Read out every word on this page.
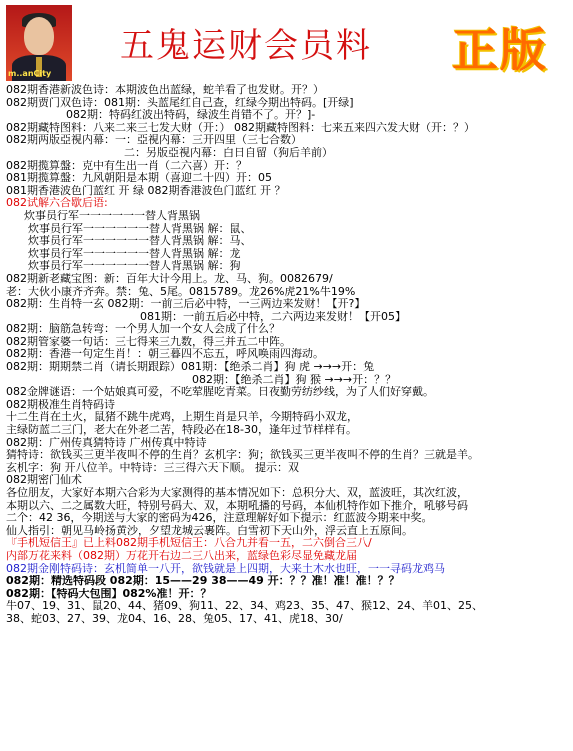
m..anCity
五鬼运财会员料 正版
082期香港新波色诗：本期波色出蓝绿，蛇羊看了也发财。开？）
082期贾门双色诗：081期：头蓝尾红自己查，红绿今期出特码。[开绿]
082期：特码红波出特码，绿波生肖错不了。开？]-
082期藏特图料：八来二来三七发大财（开：） 082期藏特图料：七来五来四六发大财（开：？）
082期两版亞視内幕：一：亞視内幕：三开四里（三七合数）
二：另版亞視内幕：白日自留（狗后羊前）
082期揽算盤：克中有生出一肖（二六喜）开：？
081期揽算盤：九风朝阳是本期（喜迎二十四）开：05
081期香港波色门蓝红 开 绿 082期香港波色门蓝红 开 ？
082试解六合歇后语:
炊事员行军一一一一一一替人背黑锅
炊事员行军一一一一一一替人背黑锅 解：鼠、
炊事员行军一一一一一一替人背黑锅 解：马、
炊事员行军一一一一一一替人背黑锅 解：龙
炊事员行军一一一一一一替人背黑锅 解：狗
082期新老藏宝图：新：百年大计今用上。龙、马、狗。0082679/
老：大伙小康齐齐奔。禁：兔、5尾。0815789。龙26%虎21%牛19%
082期：生肖特一玄 082期：一前三后必中特，一三两边来发财！【开?】
081期：一前五后必中特，二六两边来发财！【开05】
082期：脑筋急转弯：一个男人加一个女人会成了什么？
082期管家婆一句话：三七得来三九数，得三并五二中阵。
082期：香港一句定生肖！：朝三暮四不忘五，呼风唤雨四海动。
082期：期期禁二肖（请长期跟踪）081期：【绝杀二肖】狗 虎 →→→开：兔
082期：【绝杀二肖】狗 猴 →→→开：？？
082金牌谜语：一个姑娘真可爱，不吃荤腥吃青菜。日夜勤劳纺纱线，为了人们好穿戴。
082期极准生肖特码诗
十二生肖在土火，鼠猪不跳牛虎鸡，上期生肖是只羊，今期特码小双龙，
主绿防蓝二三门，老大在外老二苦，特段必在18-30，逢年过节样样有。
082期：广州传真猜特诗 广州传真中特诗
猜特诗：欲钱买三更半夜叫不停的生肖？玄机字：狗；欲钱买三更半夜叫不停的生肖？三就是羊。
玄机字：狗 开八位羊。中特诗：三三得六天下顺。 提示：双
082期密门仙术
各位朋友，大家好本期六合彩为大家测得的基本情况如下：总积分大、双，蓝波旺，其次红波，
本期以六、二之属数大旺，特别号码大、双，本期吼播的号码，本仙机特作如下推介，吼够号码
二个：42 36，今期送与大家的密码为426，注意理解好如下提示：红蓝波今期来中奖。
仙人指引：朝见马岭扬黄沙，夕望龙城云裹阵。白雪初下天山外，浮云直上五原间。
『手机短信王』已上料082期手机短信王：八合九并看一五，二六倒合三八/
内部万花来料（082期）万花开右边二三八出来，蓝绿色彩尽显免藏龙届
082期金刚特码诗：玄机简单一八开，欲钱就是上四期，大来土木水也旺，一一寻码龙鸡马
082期：精选特码段 082期：15——29 38——49 开：？？准！准！准！？？
082期：【特码大包围】082%准！开：？
牛07、19、31、鼠20、44、猪09、狗11、22、34、鸡23、35、47、猴12、24、羊01、25、
38、蛇03、27、39、龙04、16、28、兔05、17、41、虎18、30/
